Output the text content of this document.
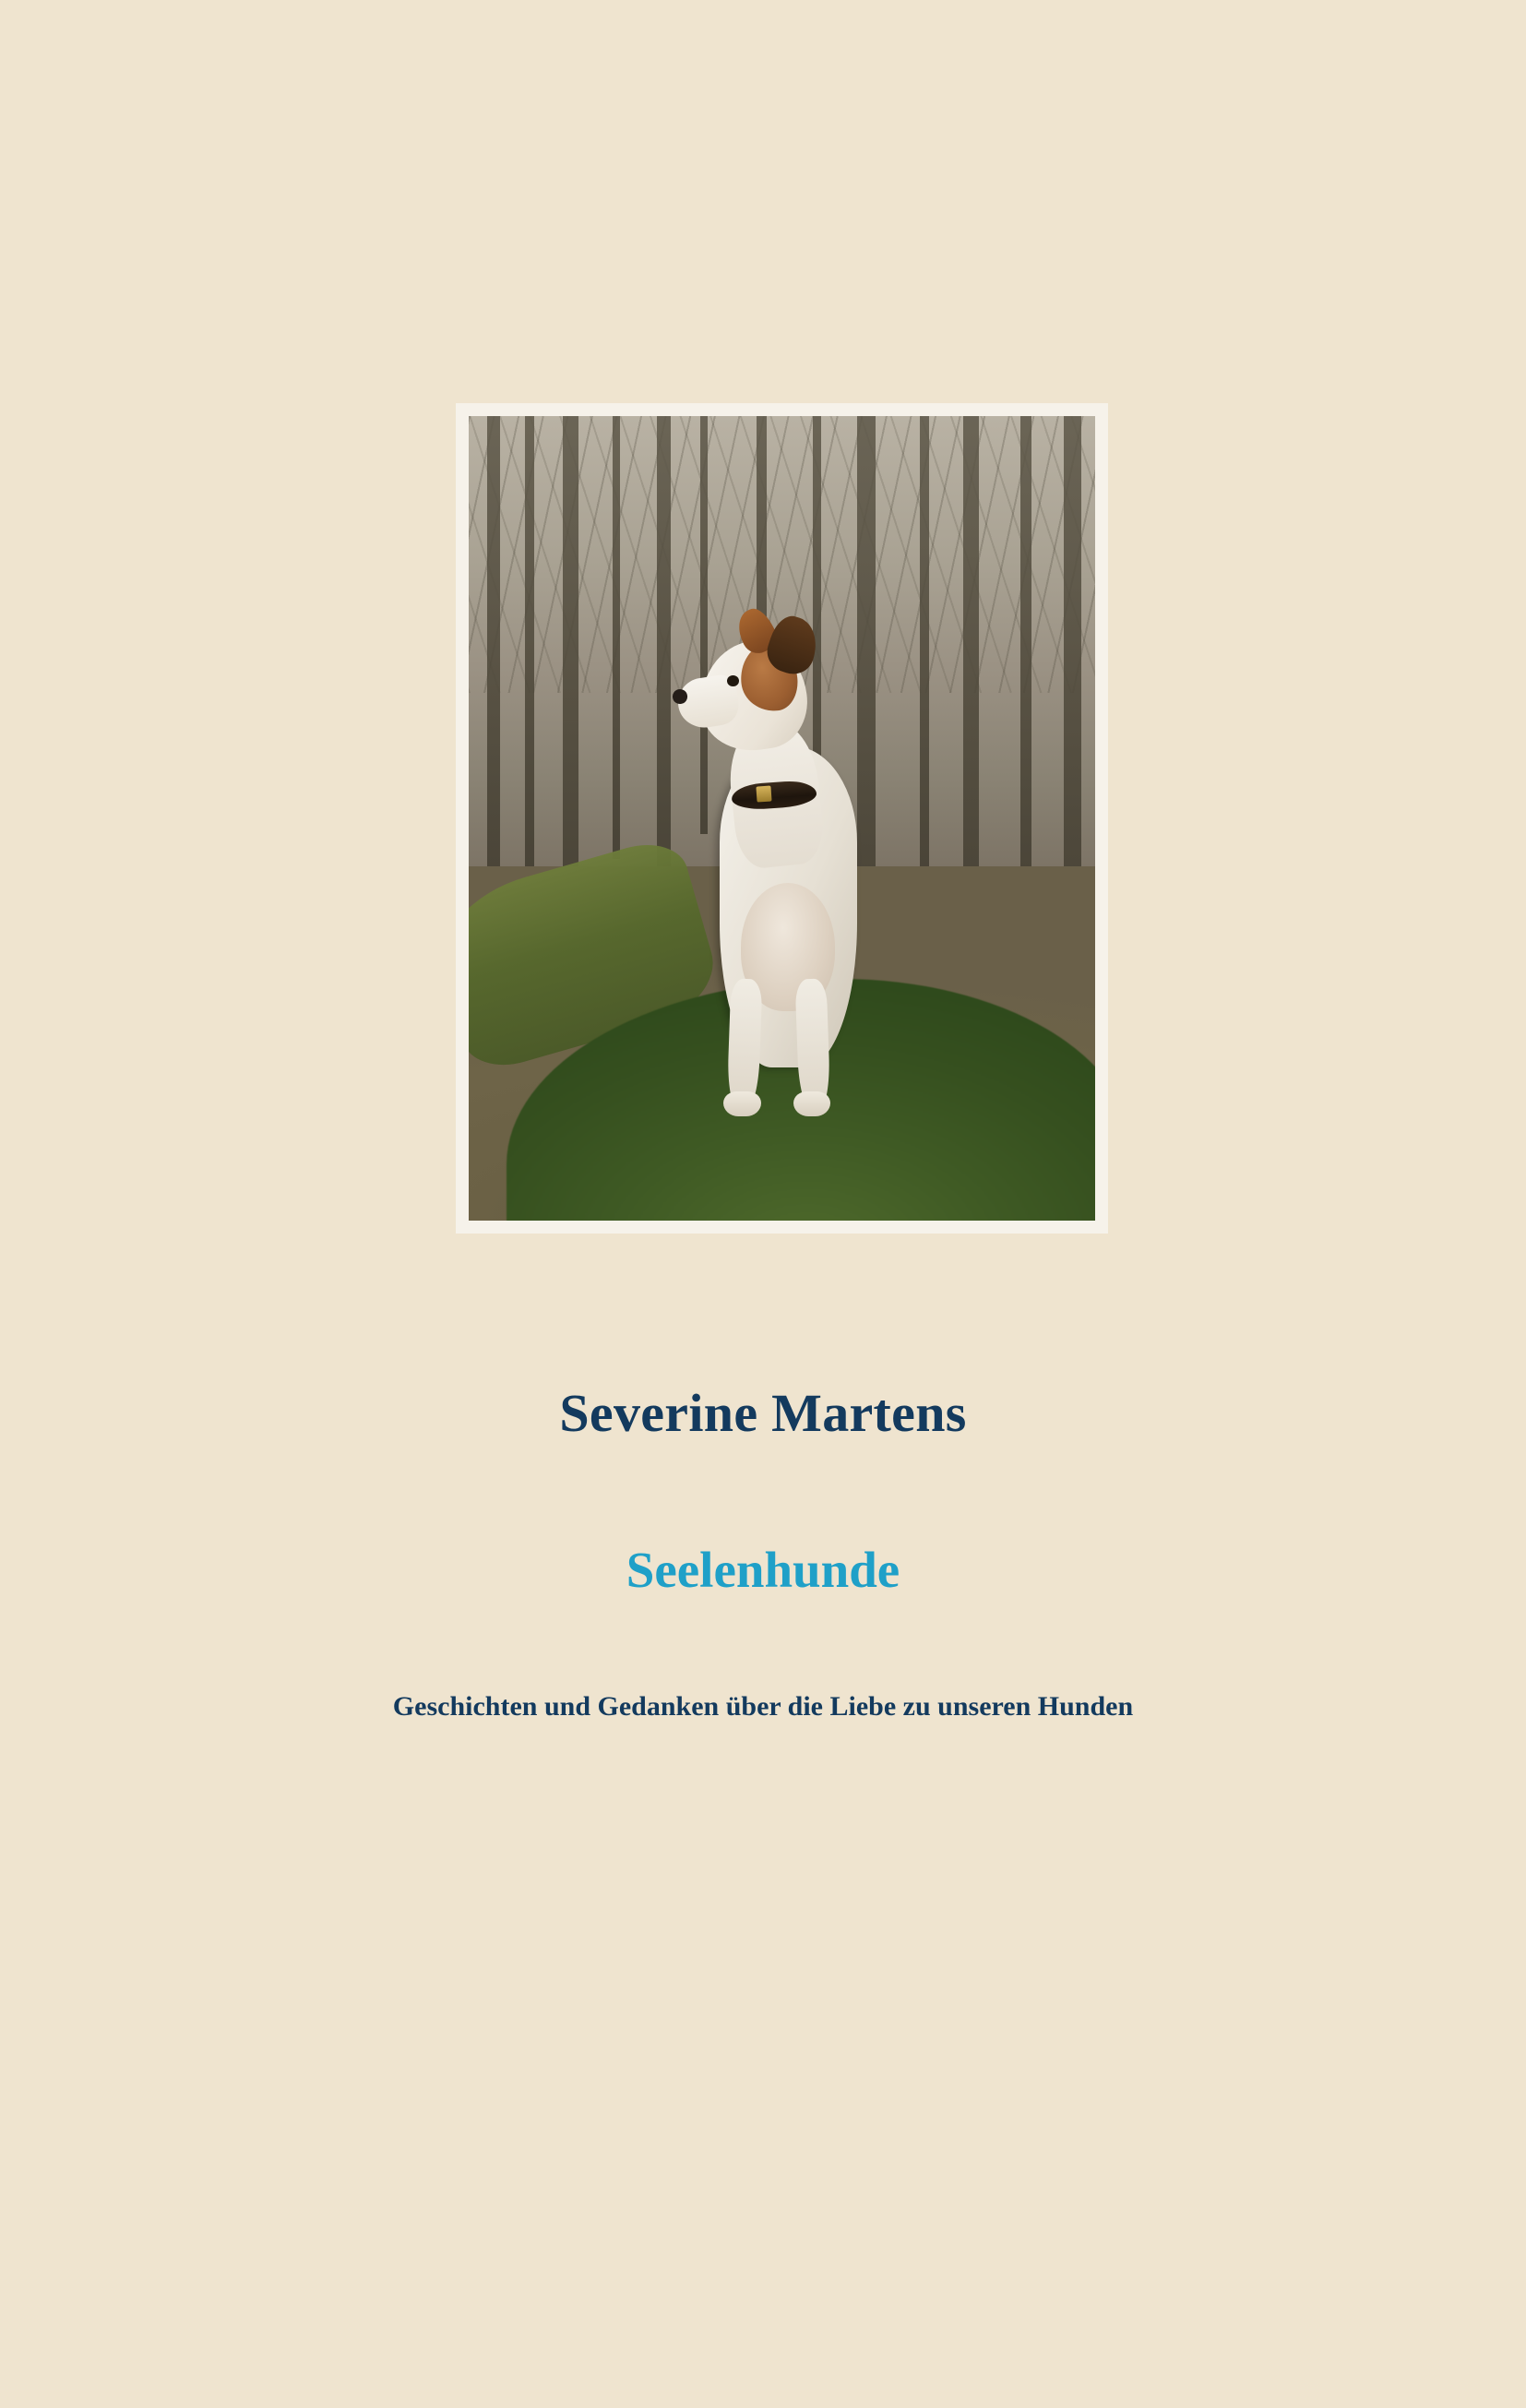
Severine Martens

Seelenhunde

Geschichten und Gedanken über die Liebe zu unseren Hunden
